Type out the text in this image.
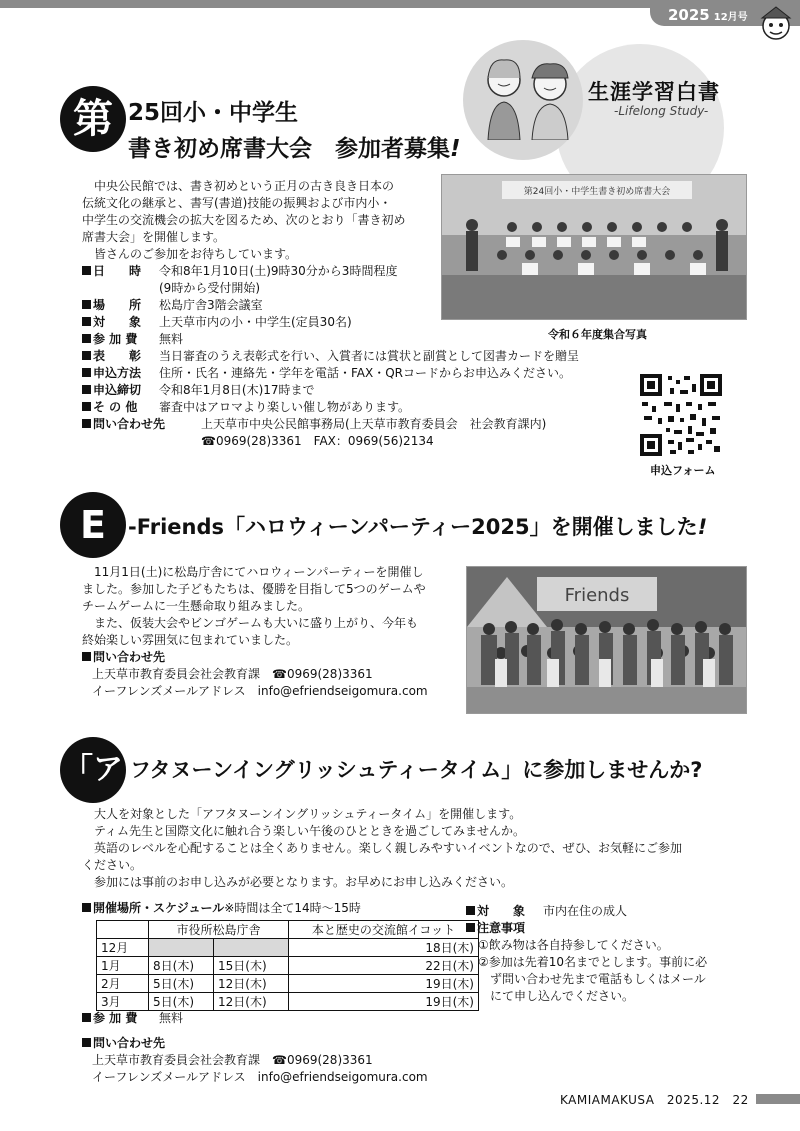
2025 12月号
生涯学習白書
-Lifelong Study-
第 25回小・中学生
書き初め席書大会　参加者募集!
　中央公民館では、書き初めという正月の古き良き日本の
伝統文化の継承と、書写(書道)技能の振興および市内小・
中学生の交流機会の拡大を図るため、次のとおり「書き初め
席書大会」を開催します。
　皆さんのご参加をお待ちしています。
日　　時 令和8年1月10日(土)9時30分から3時間程度
(9時から受付開始)
場　　所 松島庁舎3階会議室
対　　象 上天草市内の小・中学生(定員30名)
参 加 費 無料
表　　彰 当日審査のうえ表彰式を行い、入賞者には賞状と副賞として図書カードを贈呈
申込方法 住所・氏名・連絡先・学年を電話・FAX・QRコードからお申込みください。
申込締切 令和8年1月8日(木)17時まで
そ の 他 審査中はアロマより楽しい催し物があります。
問い合わせ先	上天草市中央公民館事務局(上天草市教育委員会　社会教育課内)
☎0969(28)3361　FAX：0969(56)2134
第24回小・中学生書き初め席書大会
令和６年度集合写真
申込フォーム
E	-Friends「ハロウィーンパーティー2025」を開催しました!
　11月1日(土)に松島庁舎にてハロウィーンパーティーを開催し
ました。参加した子どもたちは、優勝を目指して5つのゲームや
チームゲームに一生懸命取り組みました。
　また、仮装大会やビンゴゲームも大いに盛り上がり、今年も
終始楽しい雰囲気に包まれていました。
問い合わせ先
上天草市教育委員会社会教育課　☎0969(28)3361
イーフレンズメールアドレス　info@efriendseigomura.com
Friends
「ア フタヌーンイングリッシュティータイム」に参加しませんか?
　大人を対象とした「アフタヌーンイングリッシュティータイム」を開催します。
　ティム先生と国際文化に触れ合う楽しい午後のひとときを過ごしてみませんか。
　英語のレベルを心配することは全くありません。楽しく親しみやすいイベントなので、ぜひ、お気軽にご参加
ください。
　参加には事前のお申し込みが必要となります。お早めにお申し込みください。
開催場所・スケジュール※時間は全て14時〜15時
	市役所松島庁舎		本と歴史の交流館イコット
12月			18日(木)
1月	8日(木)	15日(木)	22日(木)
2月	5日(木)	12日(木)	19日(木)
3月	5日(木)	12日(木)	19日(木)
参 加 費 無料
対　　象 市内在住の成人
注意事項
①飲み物は各自持参してください。
②参加は先着10名までとします。事前に必
　ず問い合わせ先まで電話もしくはメール
　にて申し込んでください。
問い合わせ先
上天草市教育委員会社会教育課　☎0969(28)3361
イーフレンズメールアドレス　info@efriendseigomura.com
KAMIAMAKUSA　2025.12　22
